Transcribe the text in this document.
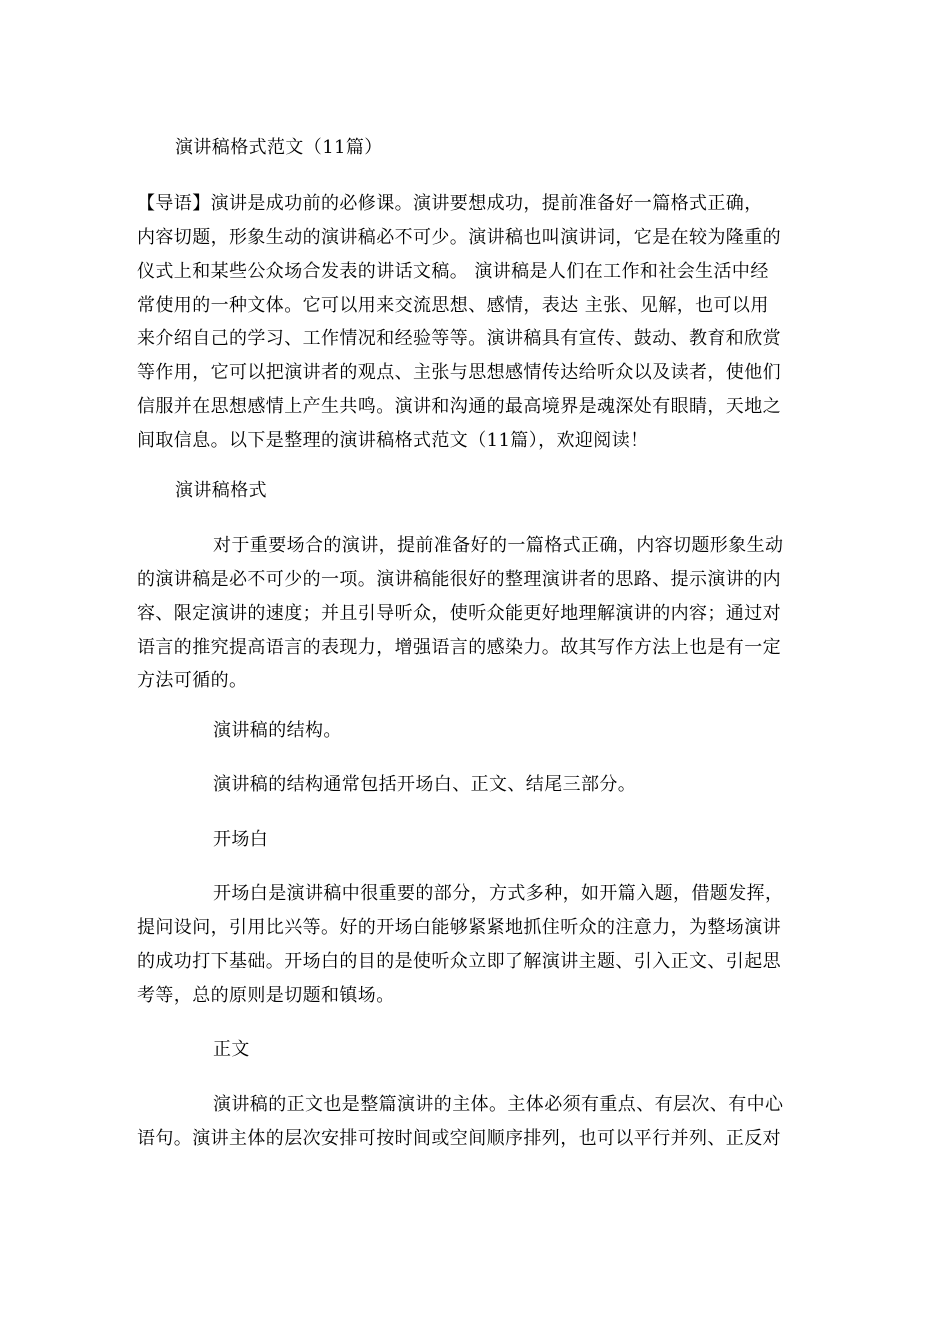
演讲稿格式范文（11篇）
【导语】演讲是成功前的必修课。演讲要想成功，提前准备好一篇格式正确，
内容切题，形象生动的演讲稿必不可少。演讲稿也叫演讲词，它是在较为隆重的
仪式上和某些公众场合发表的讲话文稿。 演讲稿是人们在工作和社会生活中经
常使用的一种文体。它可以用来交流思想、感情，表达 主张、见解，也可以用
来介绍自己的学习、工作情况和经验等等。演讲稿具有宣传、鼓动、教育和欣赏
等作用，它可以把演讲者的观点、主张与思想感情传达给听众以及读者，使他们
信服并在思想感情上产生共鸣。演讲和沟通的最高境界是魂深处有眼睛，天地之
间取信息。以下是整理的演讲稿格式范文（11篇），欢迎阅读！
演讲稿格式
对于重要场合的演讲，提前准备好的一篇格式正确，内容切题形象生动
的演讲稿是必不可少的一项。演讲稿能很好的整理演讲者的思路、提示演讲的内
容、限定演讲的速度；并且引导听众，使听众能更好地理解演讲的内容；通过对
语言的推究提高语言的表现力，增强语言的感染力。故其写作方法上也是有一定
方法可循的。
演讲稿的结构。
演讲稿的结构通常包括开场白、正文、结尾三部分。
开场白
开场白是演讲稿中很重要的部分，方式多种，如开篇入题，借题发挥，
提问设问，引用比兴等。好的开场白能够紧紧地抓住听众的注意力，为整场演讲
的成功打下基础。开场白的目的是使听众立即了解演讲主题、引入正文、引起思
考等，总的原则是切题和镇场。
正文
演讲稿的正文也是整篇演讲的主体。主体必须有重点、有层次、有中心
语句。演讲主体的层次安排可按时间或空间顺序排列，也可以平行并列、正反对
